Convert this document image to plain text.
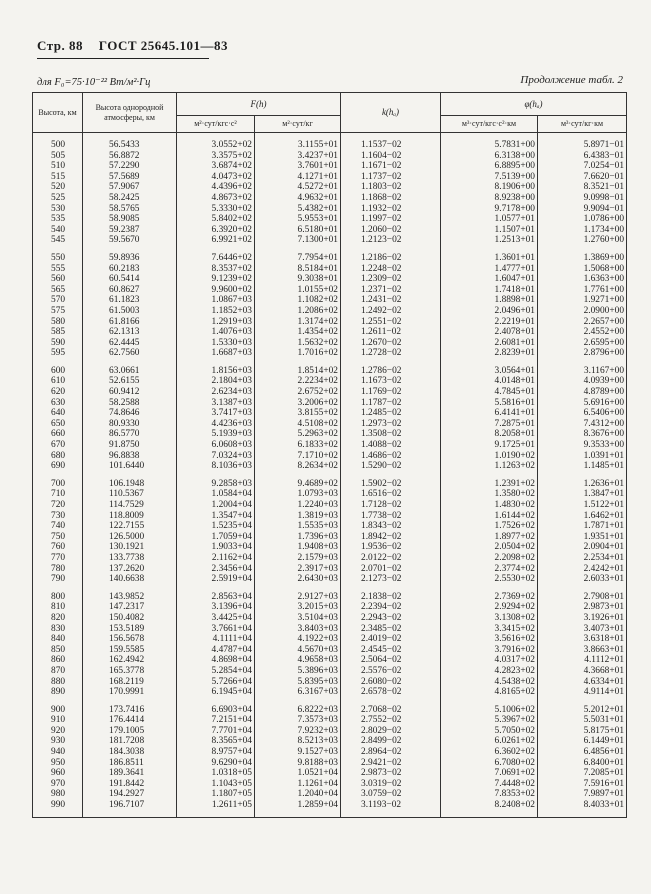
Стр. 88 ГОСТ 25645.101—83
для F₀=75·10⁻²² Вт/м²·Гц	Продолжение табл. 2
Высота, км	Высота однородной атмосферы, км	F(h)		k(hₐ)	φ(hₐ)	
		м²·сут/кгс·с²	м²·сут/кг		м³·сут/кгс·с²·км	м³·сут/кг·км
500	56.5433	3.0552+02	3.1155+01	1.1537−02	5.7831+00	5.8971−01
505	56.8872	3.3575+02	3.4237+01	1.1604−02	6.3138+00	6.4383−01
510	57.2290	3.6874+02	3.7601+01	1.1671−02	6.8895+00	7.0254−01
515	57.5689	4.0473+02	4.1271+01	1.1737−02	7.5139+00	7.6620−01
520	57.9067	4.4396+02	4.5272+01	1.1803−02	8.1906+00	8.3521−01
525	58.2425	4.8673+02	4.9632+01	1.1868−02	8.9238+00	9.0998−01
530	58.5765	5.3330+02	5.4382+01	1.1932−02	9.7178+00	9.9094−01
535	58.9085	5.8402+02	5.9553+01	1.1997−02	1.0577+01	1.0786+00
540	59.2387	6.3920+02	6.5180+01	1.2060−02	1.1507+01	1.1734+00
545	59.5670	6.9921+02	7.1300+01	1.2123−02	1.2513+01	1.2760+00
550	59.8936	7.6446+02	7.7954+01	1.2186−02	1.3601+01	1.3869+00
555	60.2183	8.3537+02	8.5184+01	1.2248−02	1.4777+01	1.5068+00
560	60.5414	9.1239+02	9.3038+01	1.2309−02	1.6047+01	1.6363+00
565	60.8627	9.9600+02	1.0155+02	1.2371−02	1.7418+01	1.7761+00
570	61.1823	1.0867+03	1.1082+02	1.2431−02	1.8898+01	1.9271+00
575	61.5003	1.1852+03	1.2086+02	1.2492−02	2.0496+01	2.0900+00
580	61.8166	1.2919+03	1.3174+02	1.2551−02	2.2219+01	2.2657+00
585	62.1313	1.4076+03	1.4354+02	1.2611−02	2.4078+01	2.4552+00
590	62.4445	1.5330+03	1.5632+02	1.2670−02	2.6081+01	2.6595+00
595	62.7560	1.6687+03	1.7016+02	1.2728−02	2.8239+01	2.8796+00
600	63.0661	1.8156+03	1.8514+02	1.2786−02	3.0564+01	3.1167+00
610	52.6155	2.1804+03	2.2234+02	1.1673−02	4.0148+01	4.0939+00
620	60.9412	2.6234+03	2.6752+02	1.1769−02	4.7845+01	4.8789+00
630	58.2588	3.1387+03	3.2006+02	1.1787−02	5.5816+01	5.6916+00
640	74.8646	3.7417+03	3.8155+02	1.2485−02	6.4141+01	6.5406+00
650	80.9330	4.4236+03	4.5108+02	1.2973−02	7.2875+01	7.4312+00
660	86.5770	5.1939+03	5.2963+02	1.3508−02	8.2058+01	8.3676+00
670	91.8750	6.0608+03	6.1833+02	1.4088−02	9.1725+01	9.3533+00
680	96.8838	7.0324+03	7.1710+02	1.4686−02	1.0190+02	1.0391+01
690	101.6440	8.1036+03	8.2634+02	1.5290−02	1.1263+02	1.1485+01
700	106.1948	9.2858+03	9.4689+02	1.5902−02	1.2391+02	1.2636+01
710	110.5367	1.0584+04	1.0793+03	1.6516−02	1.3580+02	1.3847+01
720	114.7529	1.2004+04	1.2240+03	1.7128−02	1.4830+02	1.5122+01
730	118.8009	1.3547+04	1.3819+03	1.7738−02	1.6144+02	1.6462+01
740	122.7155	1.5235+04	1.5535+03	1.8343−02	1.7526+02	1.7871+01
750	126.5000	1.7059+04	1.7396+03	1.8942−02	1.8977+02	1.9351+01
760	130.1921	1.9033+04	1.9408+03	1.9536−02	2.0504+02	2.0904+01
770	133.7738	2.1162+04	2.1579+03	2.0122−02	2.2098+02	2.2534+01
780	137.2620	2.3456+04	2.3917+03	2.0701−02	2.3774+02	2.4242+01
790	140.6638	2.5919+04	2.6430+03	2.1273−02	2.5530+02	2.6033+01
800	143.9852	2.8563+04	2.9127+03	2.1838−02	2.7369+02	2.7908+01
810	147.2317	3.1396+04	3.2015+03	2.2394−02	2.9294+02	2.9873+01
820	150.4082	3.4425+04	3.5104+03	2.2943−02	3.1308+02	3.1926+01
830	153.5189	3.7661+04	3.8403+03	2.3485−02	3.3415+02	3.4073+01
840	156.5678	4.1111+04	4.1922+03	2.4019−02	3.5616+02	3.6318+01
850	159.5585	4.4787+04	4.5670+03	2.4545−02	3.7916+02	3.8663+01
860	162.4942	4.8698+04	4.9658+03	2.5064−02	4.0317+02	4.1112+01
870	165.3778	5.2854+04	5.3896+03	2.5576−02	4.2823+02	4.3668+01
880	168.2119	5.7266+04	5.8395+03	2.6080−02	4.5438+02	4.6334+01
890	170.9991	6.1945+04	6.3167+03	2.6578−02	4.8165+02	4.9114+01
900	173.7416	6.6903+04	6.8222+03	2.7068−02	5.1006+02	5.2012+01
910	176.4414	7.2151+04	7.3573+03	2.7552−02	5.3967+02	5.5031+01
920	179.1005	7.7701+04	7.9232+03	2.8029−02	5.7050+02	5.8175+01
930	181.7208	8.3565+04	8.5213+03	2.8499−02	6.0261+02	6.1449+01
940	184.3038	8.9757+04	9.1527+03	2.8964−02	6.3602+02	6.4856+01
950	186.8511	9.6290+04	9.8188+03	2.9421−02	6.7080+02	6.8400+01
960	189.3641	1.0318+05	1.0521+04	2.9873−02	7.0691+02	7.2085+01
970	191.8442	1.1043+05	1.1261+04	3.0319−02	7.4448+02	7.5916+01
980	194.2927	1.1807+05	1.2040+04	3.0759−02	7.8353+02	7.9897+01
990	196.7107	1.2611+05	1.2859+04	3.1193−02	8.2408+02	8.4033+01
